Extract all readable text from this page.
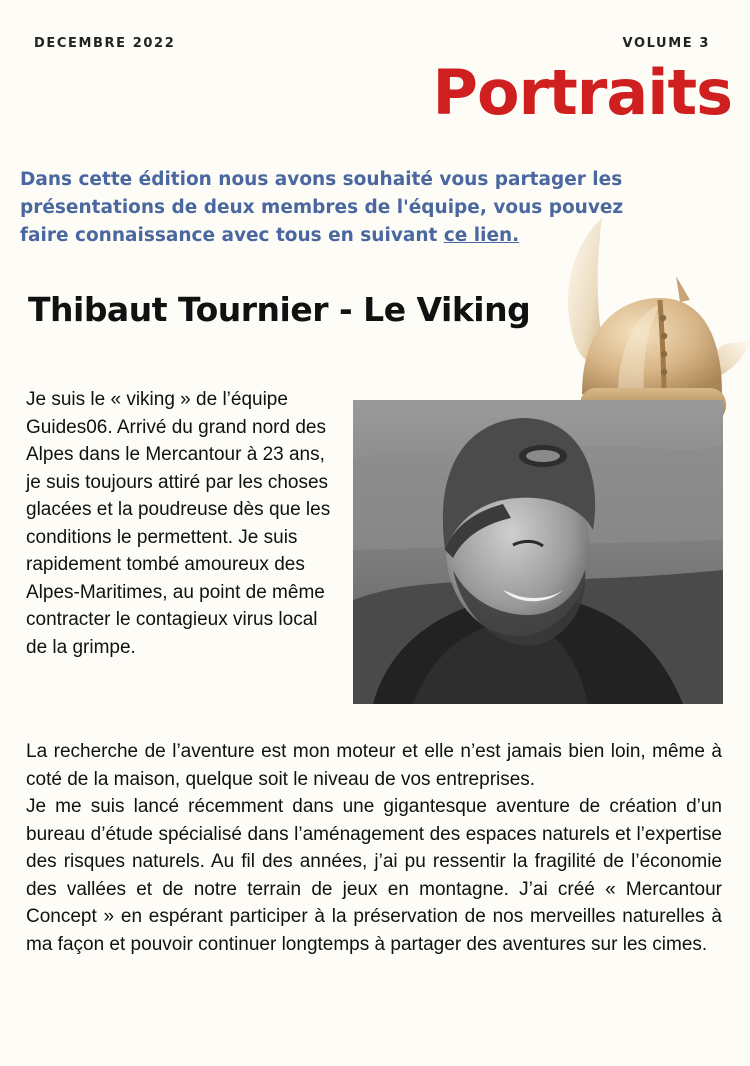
DECEMBRE 2022	VOLUME 3
Portraits
Dans cette édition nous avons souhaité vous partager les présentations de deux membres de l'équipe, vous pouvez faire connaissance avec tous en suivant ce lien.
Thibaut Tournier - Le Viking
Je suis le « viking » de l’équipe Guides06. Arrivé du grand nord des Alpes dans le Mercantour à 23 ans, je suis toujours attiré par les choses glacées et la poudreuse dès que les conditions le permettent. Je suis rapidement tombé amoureux des Alpes-Maritimes, au point de même contracter le contagieux virus local de la grimpe.

La recherche de l’aventure est mon moteur et elle n’est jamais bien loin, même à coté de la maison, quelque soit le niveau de vos entreprises.

Je me suis lancé récemment dans une gigantesque aventure de création d’un bureau d’étude spécialisé dans l’aménagement des espaces naturels et l’expertise des risques naturels. Au fil des années, j’ai pu ressentir la fragilité de l’économie des vallées et de notre terrain de jeux en montagne. J’ai créé « Mercantour Concept » en espérant participer à la préservation de nos merveilles naturelles à ma façon et pouvoir continuer longtemps à partager des aventures sur les cimes.
